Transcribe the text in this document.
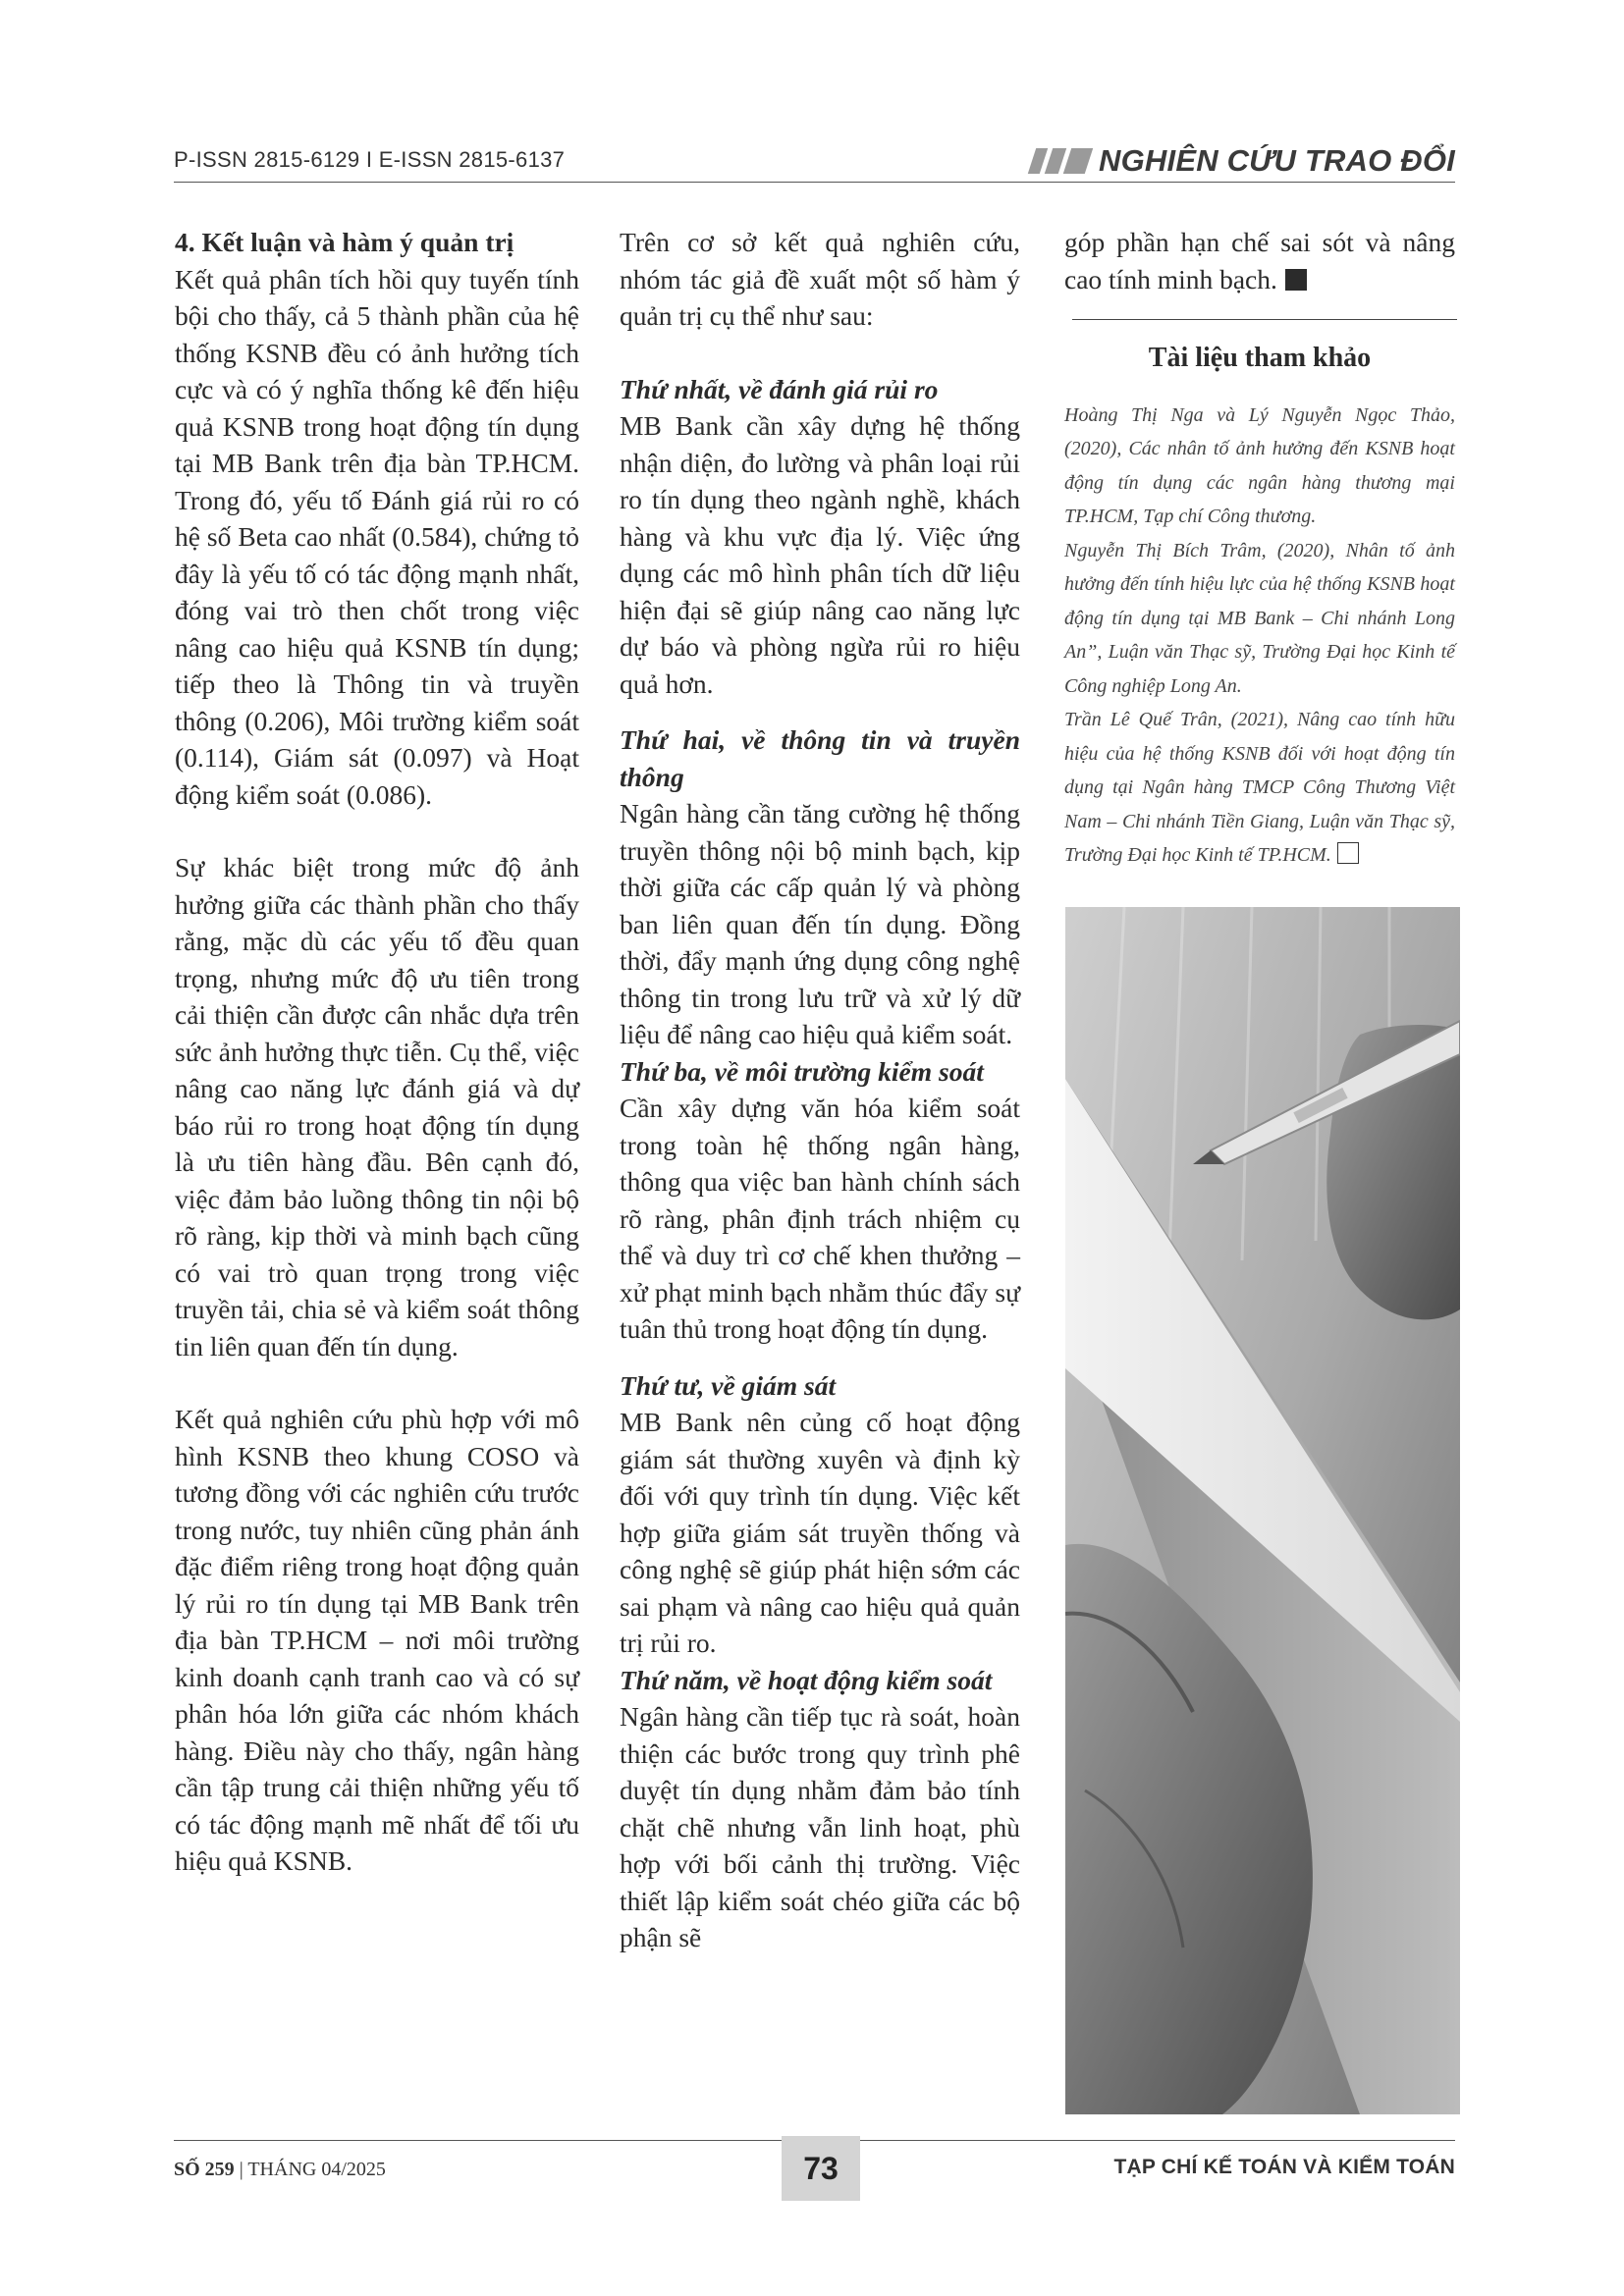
P-ISSN 2815-6129 I E-ISSN 2815-6137	NGHIÊN CỨU TRAO ĐỔI
4. Kết luận và hàm ý quản trị

Kết quả phân tích hồi quy tuyến tính bội cho thấy, cả 5 thành phần của hệ thống KSNB đều có ảnh hưởng tích cực và có ý nghĩa thống kê đến hiệu quả KSNB trong hoạt động tín dụng tại MB Bank trên địa bàn TP.HCM. Trong đó, yếu tố Đánh giá rủi ro có hệ số Beta cao nhất (0.584), chứng tỏ đây là yếu tố có tác động mạnh nhất, đóng vai trò then chốt trong việc nâng cao hiệu quả KSNB tín dụng; tiếp theo là Thông tin và truyền thông (0.206), Môi trường kiểm soát (0.114), Giám sát (0.097) và Hoạt động kiểm soát (0.086).

Sự khác biệt trong mức độ ảnh hưởng giữa các thành phần cho thấy rằng, mặc dù các yếu tố đều quan trọng, nhưng mức độ ưu tiên trong cải thiện cần được cân nhắc dựa trên sức ảnh hưởng thực tiễn. Cụ thể, việc nâng cao năng lực đánh giá và dự báo rủi ro trong hoạt động tín dụng là ưu tiên hàng đầu. Bên cạnh đó, việc đảm bảo luồng thông tin nội bộ rõ ràng, kịp thời và minh bạch cũng có vai trò quan trọng trong việc truyền tải, chia sẻ và kiểm soát thông tin liên quan đến tín dụng.

Kết quả nghiên cứu phù hợp với mô hình KSNB theo khung COSO và tương đồng với các nghiên cứu trước trong nước, tuy nhiên cũng phản ánh đặc điểm riêng trong hoạt động quản lý rủi ro tín dụng tại MB Bank trên địa bàn TP.HCM – nơi môi trường kinh doanh cạnh tranh cao và có sự phân hóa lớn giữa các nhóm khách hàng. Điều này cho thấy, ngân hàng cần tập trung cải thiện những yếu tố có tác động mạnh mẽ nhất để tối ưu hiệu quả KSNB.

Trên cơ sở kết quả nghiên cứu, nhóm tác giả đề xuất một số hàm ý quản trị cụ thể như sau:

Thứ nhất, về đánh giá rủi ro

MB Bank cần xây dựng hệ thống nhận diện, đo lường và phân loại rủi ro tín dụng theo ngành nghề, khách hàng và khu vực địa lý. Việc ứng dụng các mô hình phân tích dữ liệu hiện đại sẽ giúp nâng cao năng lực dự báo và phòng ngừa rủi ro hiệu quả hơn.

Thứ hai, về thông tin và truyền thông

Ngân hàng cần tăng cường hệ thống truyền thông nội bộ minh bạch, kịp thời giữa các cấp quản lý và phòng ban liên quan đến tín dụng. Đồng thời, đẩy mạnh ứng dụng công nghệ thông tin trong lưu trữ và xử lý dữ liệu để nâng cao hiệu quả kiểm soát.

Thứ ba, về môi trường kiểm soát

Cần xây dựng văn hóa kiểm soát trong toàn hệ thống ngân hàng, thông qua việc ban hành chính sách rõ ràng, phân định trách nhiệm cụ thể và duy trì cơ chế khen thưởng – xử phạt minh bạch nhằm thúc đẩy sự tuân thủ trong hoạt động tín dụng.

Thứ tư, về giám sát

MB Bank nên củng cố hoạt động giám sát thường xuyên và định kỳ đối với quy trình tín dụng. Việc kết hợp giữa giám sát truyền thống và công nghệ sẽ giúp phát hiện sớm các sai phạm và nâng cao hiệu quả quản trị rủi ro.

Thứ năm, về hoạt động kiểm soát

Ngân hàng cần tiếp tục rà soát, hoàn thiện các bước trong quy trình phê duyệt tín dụng nhằm đảm bảo tính chặt chẽ nhưng vẫn linh hoạt, phù hợp với bối cảnh thị trường. Việc thiết lập kiểm soát chéo giữa các bộ phận sẽ

góp phần hạn chế sai sót và nâng cao tính minh bạch.

Tài liệu tham khảo

Hoàng Thị Nga và Lý Nguyễn Ngọc Thảo, (2020), Các nhân tố ảnh hưởng đến KSNB hoạt động tín dụng các ngân hàng thương mại TP.HCM, Tạp chí Công thương.

Nguyễn Thị Bích Trâm, (2020), Nhân tố ảnh hưởng đến tính hiệu lực của hệ thống KSNB hoạt động tín dụng tại MB Bank – Chi nhánh Long An”, Luận văn Thạc sỹ, Trường Đại học Kinh tế Công nghiệp Long An.

Trần Lê Quế Trân, (2021), Nâng cao tính hữu hiệu của hệ thống KSNB đối với hoạt động tín dụng tại Ngân hàng TMCP Công Thương Việt Nam – Chi nhánh Tiền Giang, Luận văn Thạc sỹ, Trường Đại học Kinh tế TP.HCM.

SỐ 259 | THÁNG 04/2025	73	TẠP CHÍ KẾ TOÁN VÀ KIỂM TOÁN
